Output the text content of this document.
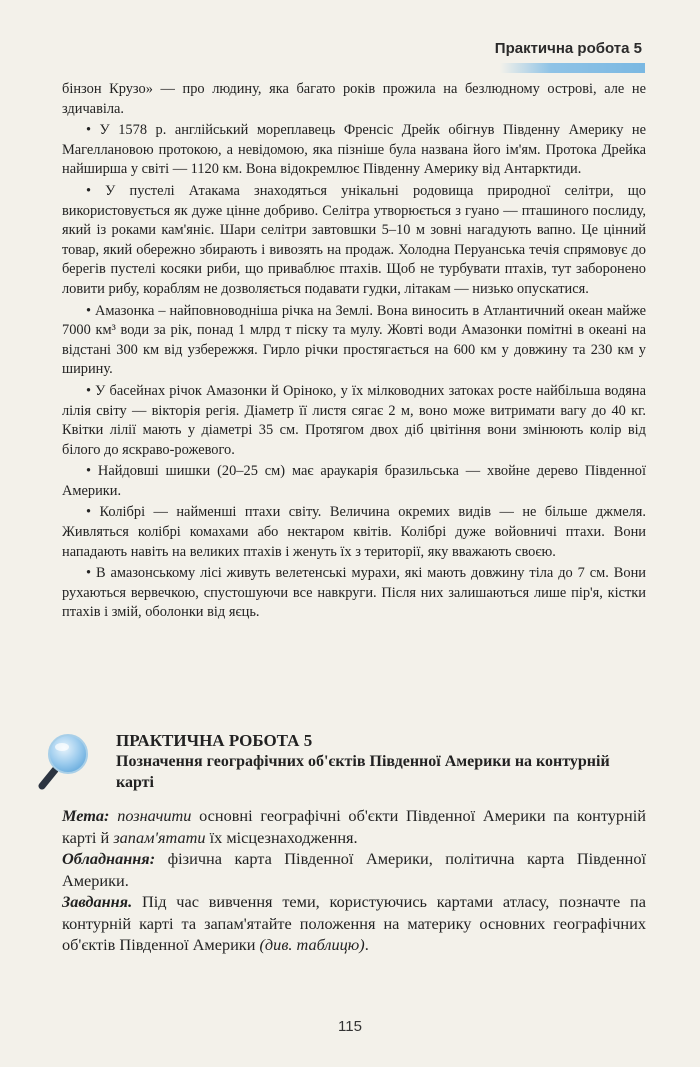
Практична робота 5

бінзон Крузо» — про людину, яка багато років прожила на безлюдному острові, але не здичавіла.

• У 1578 р. англійський мореплавець Френсіс Дрейк обігнув Південну Америку не Магеллановою протокою, а невідомою, яка пізніше була названа його ім'ям. Протока Дрейка найширша у світі — 1120 км. Вона відокремлює Південну Америку від Антарктиди.

• У пустелі Атакама знаходяться унікальні родовища природної селітри, що використовується як дуже цінне добриво. Селітра утворюється з гуано — пташиного послиду, який із роками кам'яніє. Шари селітри завтовшки 5–10 м зовні нагадують вапно. Це цінний товар, який обережно збирають і вивозять на продаж. Холодна Перуанська течія спрямовує до берегів пустелі косяки риби, що приваблює птахів. Щоб не турбувати птахів, тут заборонено ловити рибу, кораблям не дозволяється подавати гудки, літакам — низько опускатися.

• Амазонка – найповноводніша річка на Землі. Вона виносить в Атлантичний океан майже 7000 км³ води за рік, понад 1 млрд т піску та мулу. Жовті води Амазонки помітні в океані на відстані 300 км від узбережжя. Гирло річки простягається на 600 км у довжину та 230 км у ширину.

• У басейнах річок Амазонки й Оріноко, у їх мілководних затоках росте найбільша водяна лілія світу — вікторія регія. Діаметр її листя сягає 2 м, воно може витримати вагу до 40 кг. Квітки лілії мають у діаметрі 35 см. Протягом двох діб цвітіння вони змінюють колір від білого до яскраво-рожевого.

• Найдовші шишки (20–25 см) має араукарія бразильська — хвойне дерево Південної Америки.

• Колібрі — найменші птахи світу. Величина окремих видів — не більше джмеля. Живляться колібрі комахами або нектаром квітів. Колібрі дуже войовничі птахи. Вони нападають навіть на великих птахів і женуть їх з території, яку вважають своєю.

• В амазонському лісі живуть велетенські мурахи, які мають довжину тіла до 7 см. Вони рухаються вервечкою, спустошуючи все навкруги. Після них залишаються лише пір'я, кістки птахів і змій, оболонки від яєць.

ПРАКТИЧНА РОБОТА 5
Позначення географічних об'єктів Південної Америки на контурній карті

Мета: позначити основні географічні об'єкти Південної Америки па контурній карті й запам'ятати їх місцезнаходження.

Обладнання: фізична карта Південної Америки, політична карта Південної Америки.

Завдання. Під час вивчення теми, користуючись картами атласу, позначте па контурній карті та запам'ятайте положення на материку основних географічних об'єктів Південної Америки (див. таблицю).

115
